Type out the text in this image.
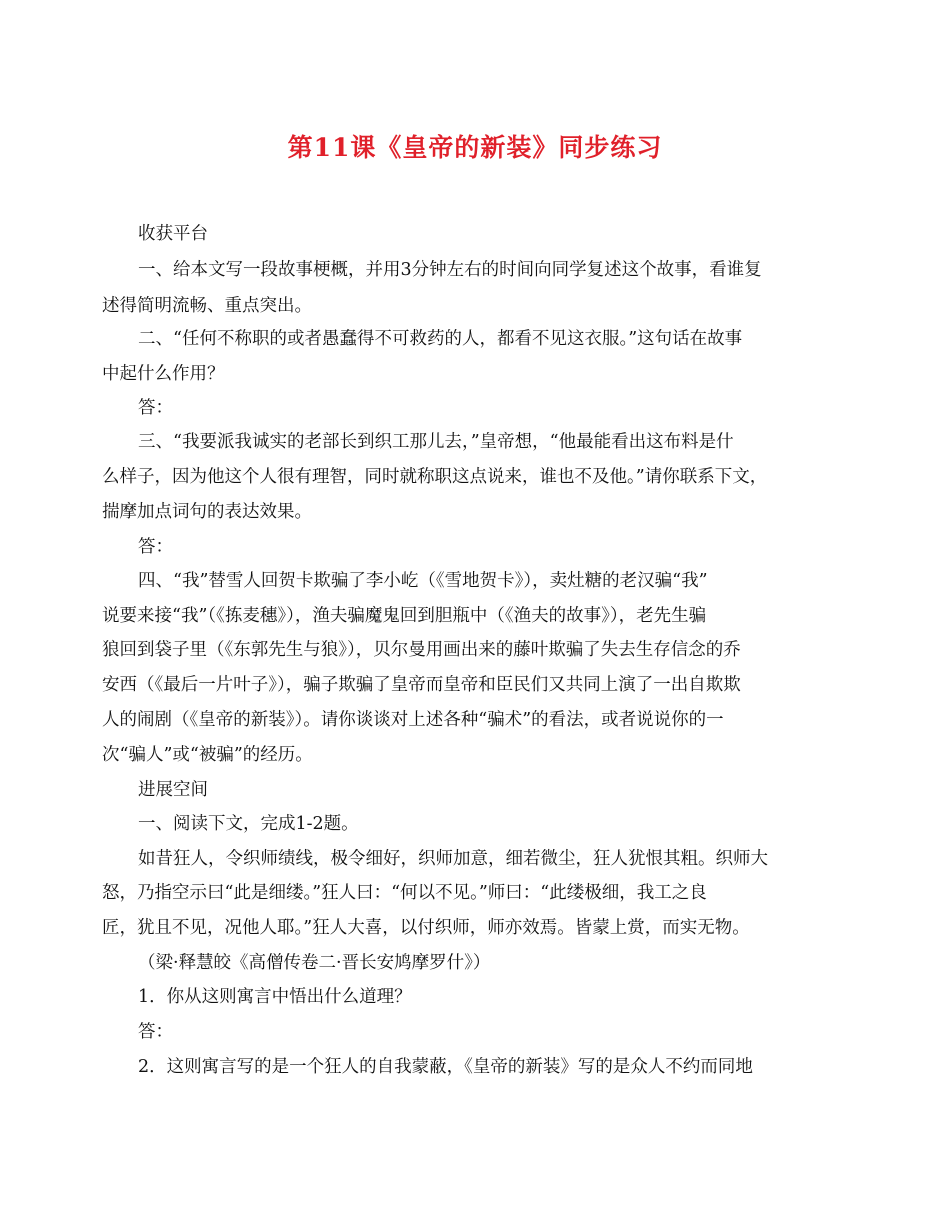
第11课《皇帝的新装》同步练习
收获平台
一、给本文写一段故事梗概，并用3分钟左右的时间向同学复述这个故事，看谁复
述得简明流畅、重点突出。
二、“任何不称职的或者愚蠢得不可救药的人，都看不见这衣服。”这句话在故事
中起什么作用？
答：
三、“我要派我诚实的老部长到织工那儿去，”皇帝想，“他最能看出这布料是什
么样子，因为他这个人很有理智，同时就称职这点说来，谁也不及他。”请你联系下文，
揣摩加点词句的表达效果。
答：
四、“我”替雪人回贺卡欺骗了李小屹（《雪地贺卡》），卖灶糖的老汉骗“我”
说要来接“我”（《拣麦穗》），渔夫骗魔鬼回到胆瓶中（《渔夫的故事》），老先生骗
狼回到袋子里（《东郭先生与狼》），贝尔曼用画出来的藤叶欺骗了失去生存信念的乔
安西（《最后一片叶子》），骗子欺骗了皇帝而皇帝和臣民们又共同上演了一出自欺欺
人的闹剧（《皇帝的新装》）。请你谈谈对上述各种“骗术”的看法，或者说说你的一
次“骗人”或“被骗”的经历。
进展空间
一、阅读下文，完成1-2题。
如昔狂人，令织师绩线，极令细好，织师加意，细若微尘，狂人犹恨其粗。织师大
怒，乃指空示曰“此是细缕。”狂人曰：“何以不见。”师曰：“此缕极细，我工之良
匠，犹且不见，况他人耶。”狂人大喜，以付织师，师亦效焉。皆蒙上赏，而实无物。
（梁·释慧皎《高僧传卷二·晋长安鸠摩罗什》）
1．你从这则寓言中悟出什么道理？
答：
2．这则寓言写的是一个狂人的自我蒙蔽，《皇帝的新装》写的是众人不约而同地
